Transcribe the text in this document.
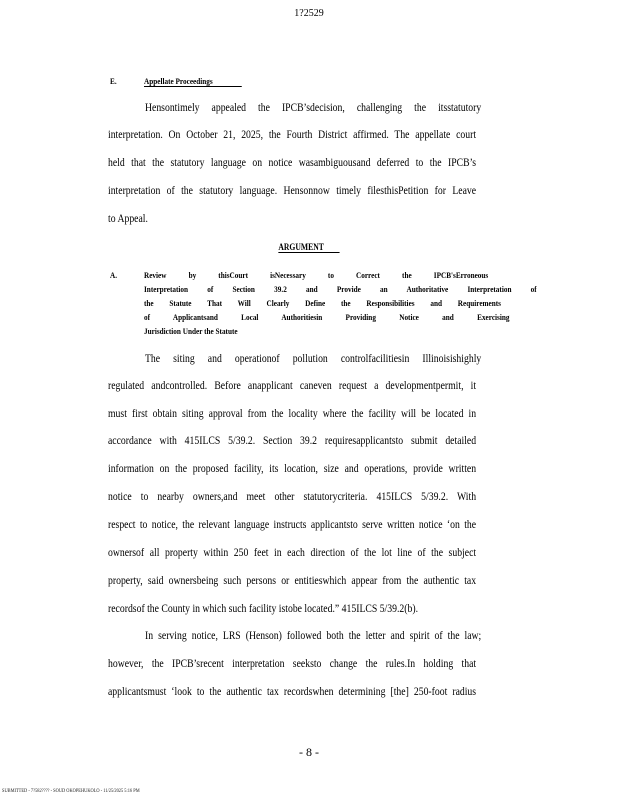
1?2529
E.	Appellate Proceedings
Hensontimely appealed the IPCB’sdecision, challenging the itsstatutory
interpretation. On October 21, 2025, the Fourth District affirmed. The appellate court
held that the statutory language on notice wasambiguousand deferred to the IPCB’s
interpretation of the statutory language. Hensonnow timely filesthisPetition for Leave
to Appeal.
ARGUMENT
A.	Review by thisCourt isNecessary to Correct the IPCB'sErroneous
Interpretation of Section 39.2 and Provide an Authoritative Interpretation of
the Statute That Will Clearly Define the Responsibilities and Requirements
of Applicantsand Local Authoritiesin Providing Notice and Exercising
Jurisdiction Under the Statute
The siting and operationof pollution controlfacilitiesin Illinoisishighly
regulated andcontrolled. Before anapplicant caneven request a developmentpermit, it
must first obtain siting approval from the locality where the facility will be located in
accordance with 415ILCS 5/39.2. Section 39.2 requiresapplicantsto submit detailed
information on the proposed facility, its location, size and operations, provide written
notice to nearby owners,and meet other statutorycriteria. 415ILCS 5/39.2. With
respect to notice, the relevant language instructs applicantsto serve written notice ‘on the
ownersof all property within 250 feet in each direction of the lot line of the subject
property, said ownersbeing such persons or entitieswhich appear from the authentic tax
recordsof the County in which such facility istobe located.” 415ILCS 5/39.2(b).
In serving notice, LRS (Henson) followed both the letter and spirit of the law;
however, the IPCB’srecent interpretation seeksto change the rules.In holding that
applicantsmust ‘look to the authentic tax recordswhen determining [the] 250-foot radius
- 8 -
SUBMITTED - 7?582???? - SOUD OKOPEHUKOLO - 11/25/2025 5:16 PM
